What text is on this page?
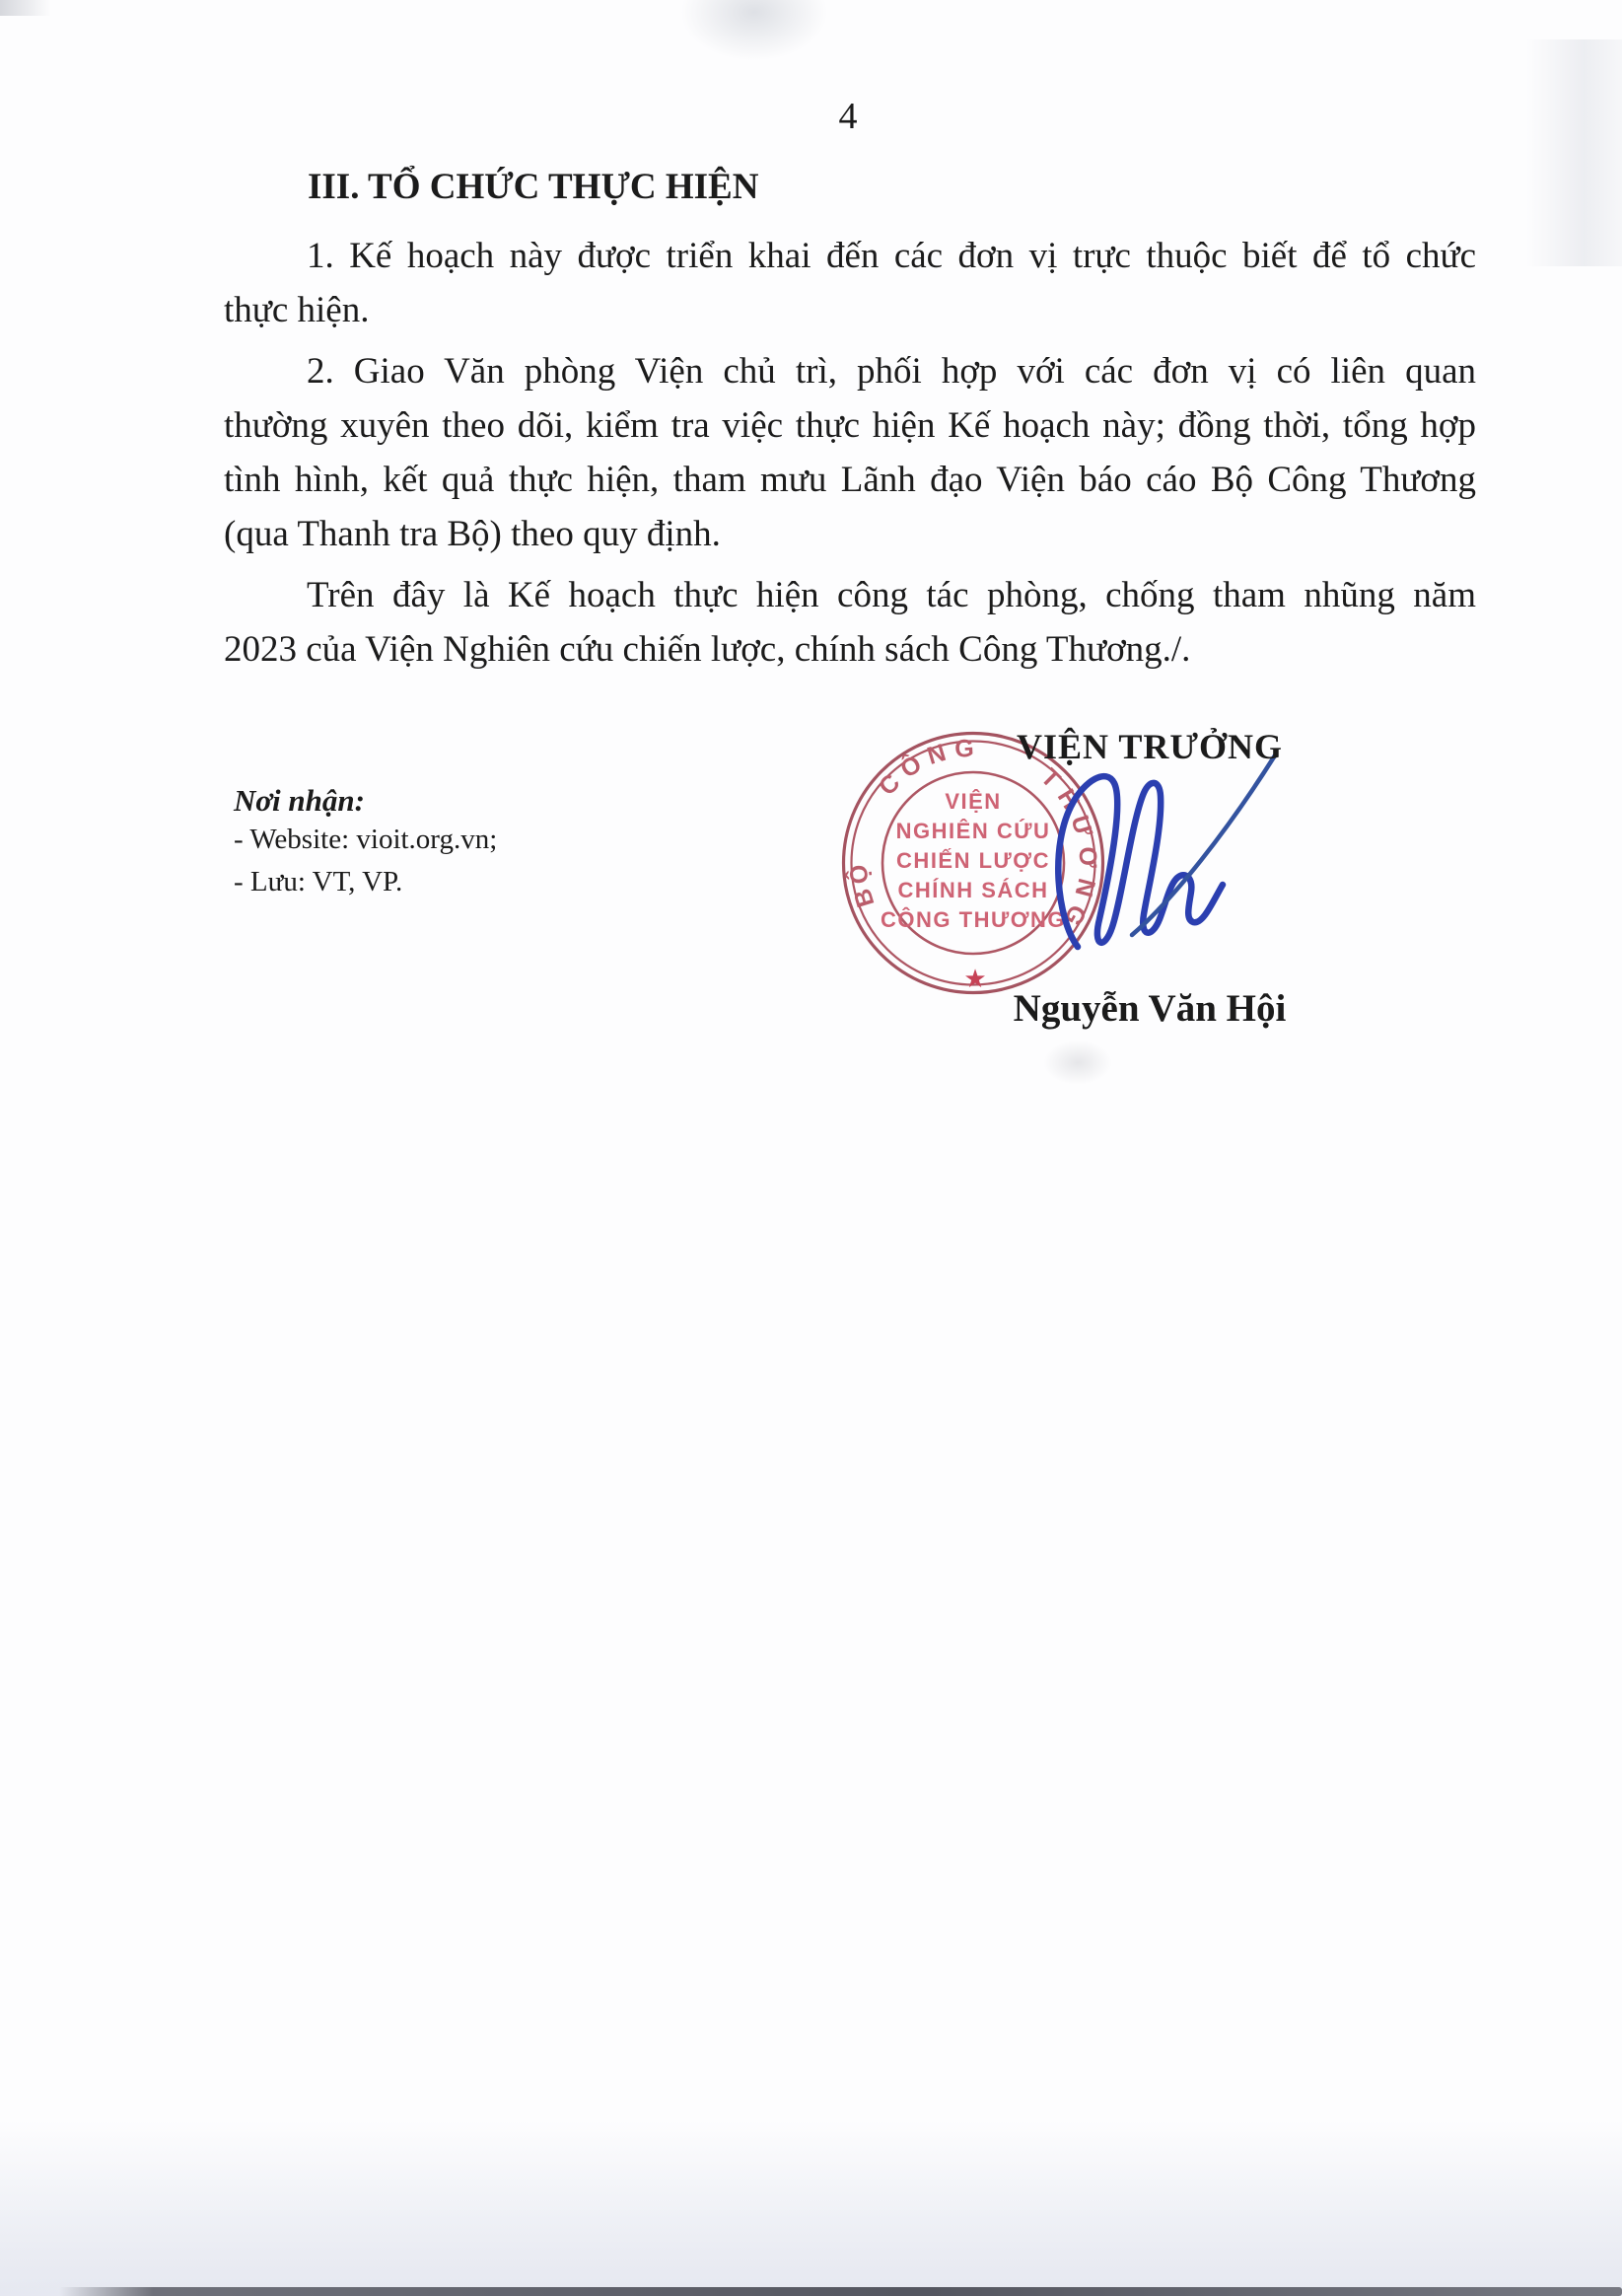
4
III. TỔ CHỨC THỰC HIỆN
1. Kế hoạch này được triển khai đến các đơn vị trực thuộc biết để tổ chức
thực hiện.
2. Giao Văn phòng Viện chủ trì, phối hợp với các đơn vị có liên quan
thường xuyên theo dõi, kiểm tra việc thực hiện Kế hoạch này; đồng thời, tổng hợp
tình hình, kết quả thực hiện, tham mưu Lãnh đạo Viện báo cáo Bộ Công Thương
(qua Thanh tra Bộ) theo quy định.
Trên đây là Kế hoạch thực hiện công tác phòng, chống tham nhũng năm
2023 của Viện Nghiên cứu chiến lược, chính sách Công Thương./.
Nơi nhận:
- Website: vioit.org.vn;
- Lưu: VT, VP.	BỘ
CÔNG
THƯƠNG
VIỆN
NGHIÊN CỨU
CHIẾN LƯỢC
CHÍNH SÁCH
CÔNG THƯƠNG
★
VIỆN TRƯỞNG
Nguyễn Văn Hội
